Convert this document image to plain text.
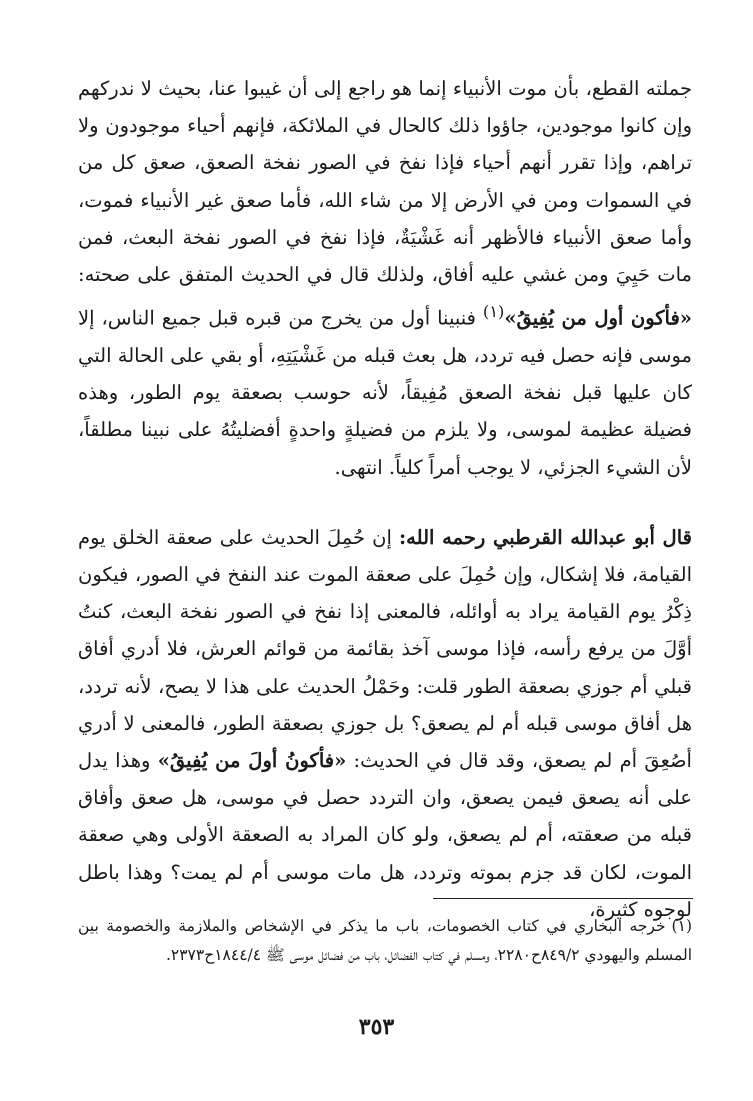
جملته القطع، بأن موت الأنبياء إنما هو راجع إلى أن غيبوا عنا، بحيث لا ندركهم وإن كانوا موجودين، جاؤوا ذلك كالحال في الملائكة، فإنهم أحياء موجودون ولا تراهم، وإذا تقرر أنهم أحياء فإذا نفخ في الصور نفخة الصعق، صعق كل من في السموات ومن في الأرض إلا من شاء الله، فأما صعق غير الأنبياء فموت، وأما صعق الأنبياء فالأظهر أنه غَشْيَةٌ، فإذا نفخ في الصور نفخة البعث، فمن مات حَيِيَ ومن غشي عليه أفاق، ولذلك قال في الحديث المتفق على صحته: «فأكون أول من يُفِيقُ»$^{(١)}$ فنبينا أول من يخرج من قبره قبل جميع الناس، إلا موسى فإنه حصل فيه تردد، هل بعث قبله من غَشْيَتِهِ، أو بقي على الحالة التي كان عليها قبل نفخة الصعق مُفِيقاً، لأنه حوسب بصعقة يوم الطور، وهذه فضيلة عظيمة لموسى، ولا يلزم من فضيلةٍ واحدةٍ أفضليتُهُ على نبينا مطلقاً، لأن الشيء الجزئي، لا يوجب أمراً كلياً. انتهى.

قال أبو عبدالله القرطبي رحمه الله: إن حُمِلَ الحديث على صعقة الخلق يوم القيامة، فلا إشكال، وإن حُمِلَ على صعقة الموت عند النفخ في الصور، فيكون ذِكْرُ يوم القيامة يراد به أوائله، فالمعنى إذا نفخ في الصور نفخة البعث، كنتُ أوَّلَ من يرفع رأسه، فإذا موسى آخذ بقائمة من قوائم العرش، فلا أدري أفاق قبلي أم جوزي بصعقة الطور قلت: وحَمْلُ الحديث على هذا لا يصح، لأنه تردد، هل أفاق موسى قبله أم لم يصعق؟ بل جوزي بصعقة الطور، فالمعنى لا أدري أصُعِقَ أم لم يصعق، وقد قال في الحديث: «فأكونُ أولَ من يُفِيقُ» وهذا يدل على أنه يصعق فيمن يصعق، وان التردد حصل في موسى، هل صعق وأفاق قبله من صعقته، أم لم يصعق، ولو كان المراد به الصعقة الأولى وهي صعقة الموت، لكان قد جزم بموته وتردد، هل مات موسى أم لم يمت؟ وهذا باطل لوجوه كثيرة،

(١)خرجه البخاري في كتاب الخصومات، باب ما يذكر في الإشخاص والملازمة والخصومة بين المسلم واليهودي ٨٤٩/٢ح٢٢٨٠، ومسلم في كتاب الفضائل، باب من فضائل موسى ﷺ ١٨٤٤/٤ح٢٣٧٣.
٣٥٣
